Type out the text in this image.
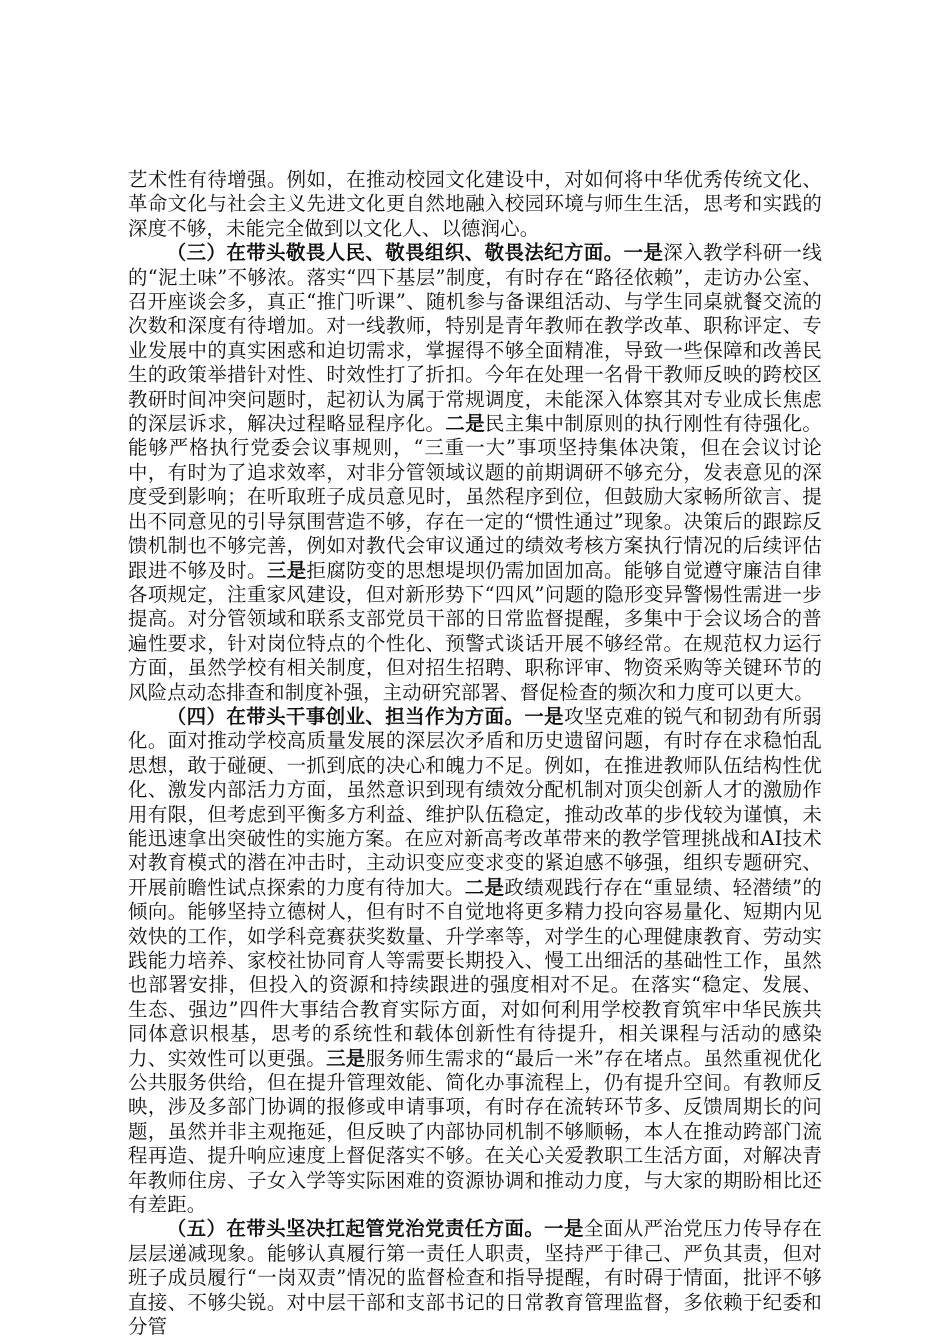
艺术性有待增强。例如，在推动校园文化建设中，对如何将中华优秀传统文化、革命文化与社会主义先进文化更自然地融入校园环境与师生生活，思考和实践的深度不够，未能完全做到以文化人、以德润心。

（三）在带头敬畏人民、敬畏组织、敬畏法纪方面。一是深入教学科研一线的“泥土味”不够浓。落实“四下基层”制度，有时存在“路径依赖”，走访办公室、召开座谈会多，真正“推门听课”、随机参与备课组活动、与学生同桌就餐交流的次数和深度有待增加。对一线教师，特别是青年教师在教学改革、职称评定、专业发展中的真实困惑和迫切需求，掌握得不够全面精准，导致一些保障和改善民生的政策举措针对性、时效性打了折扣。今年在处理一名骨干教师反映的跨校区教研时间冲突问题时，起初认为属于常规调度，未能深入体察其对专业成长焦虑的深层诉求，解决过程略显程序化。二是民主集中制原则的执行刚性有待强化。能够严格执行党委会议事规则，“三重一大”事项坚持集体决策，但在会议讨论中，有时为了追求效率，对非分管领域议题的前期调研不够充分，发表意见的深度受到影响；在听取班子成员意见时，虽然程序到位，但鼓励大家畅所欲言、提出不同意见的引导氛围营造不够，存在一定的“惯性通过”现象。决策后的跟踪反馈机制也不够完善，例如对教代会审议通过的绩效考核方案执行情况的后续评估跟进不够及时。三是拒腐防变的思想堤坝仍需加固加高。能够自觉遵守廉洁自律各项规定，注重家风建设，但对新形势下“四风”问题的隐形变异警惕性需进一步提高。对分管领域和联系支部党员干部的日常监督提醒，多集中于会议场合的普遍性要求，针对岗位特点的个性化、预警式谈话开展不够经常。在规范权力运行方面，虽然学校有相关制度，但对招生招聘、职称评审、物资采购等关键环节的风险点动态排查和制度补强，主动研究部署、督促检查的频次和力度可以更大。

（四）在带头干事创业、担当作为方面。一是攻坚克难的锐气和韧劲有所弱化。面对推动学校高质量发展的深层次矛盾和历史遗留问题，有时存在求稳怕乱思想，敢于碰硬、一抓到底的决心和魄力不足。例如，在推进教师队伍结构性优化、激发内部活力方面，虽然意识到现有绩效分配机制对顶尖创新人才的激励作用有限，但考虑到平衡多方利益、维护队伍稳定，推动改革的步伐较为谨慎，未能迅速拿出突破性的实施方案。在应对新高考改革带来的教学管理挑战和AI技术对教育模式的潜在冲击时，主动识变应变求变的紧迫感不够强，组织专题研究、开展前瞻性试点探索的力度有待加大。二是政绩观践行存在“重显绩、轻潜绩”的倾向。能够坚持立德树人，但有时不自觉地将更多精力投向容易量化、短期内见效快的工作，如学科竞赛获奖数量、升学率等，对学生的心理健康教育、劳动实践能力培养、家校社协同育人等需要长期投入、慢工出细活的基础性工作，虽然也部署安排，但投入的资源和持续跟进的强度相对不足。在落实“稳定、发展、生态、强边”四件大事结合教育实际方面，对如何利用学校教育筑牢中华民族共同体意识根基，思考的系统性和载体创新性有待提升，相关课程与活动的感染力、实效性可以更强。三是服务师生需求的“最后一米”存在堵点。虽然重视优化公共服务供给，但在提升管理效能、简化办事流程上，仍有提升空间。有教师反映，涉及多部门协调的报修或申请事项，有时存在流转环节多、反馈周期长的问题，虽然并非主观拖延，但反映了内部协同机制不够顺畅，本人在推动跨部门流程再造、提升响应速度上督促落实不够。在关心关爱教职工生活方面，对解决青年教师住房、子女入学等实际困难的资源协调和推动力度，与大家的期盼相比还有差距。

（五）在带头坚决扛起管党治党责任方面。一是全面从严治党压力传导存在层层递减现象。能够认真履行第一责任人职责，坚持严于律己、严负其责，但对班子成员履行“一岗双责”情况的监督检查和指导提醒，有时碍于情面，批评不够直接、不够尖锐。对中层干部和支部书记的日常教育管理监督，多依赖于纪委和分管
